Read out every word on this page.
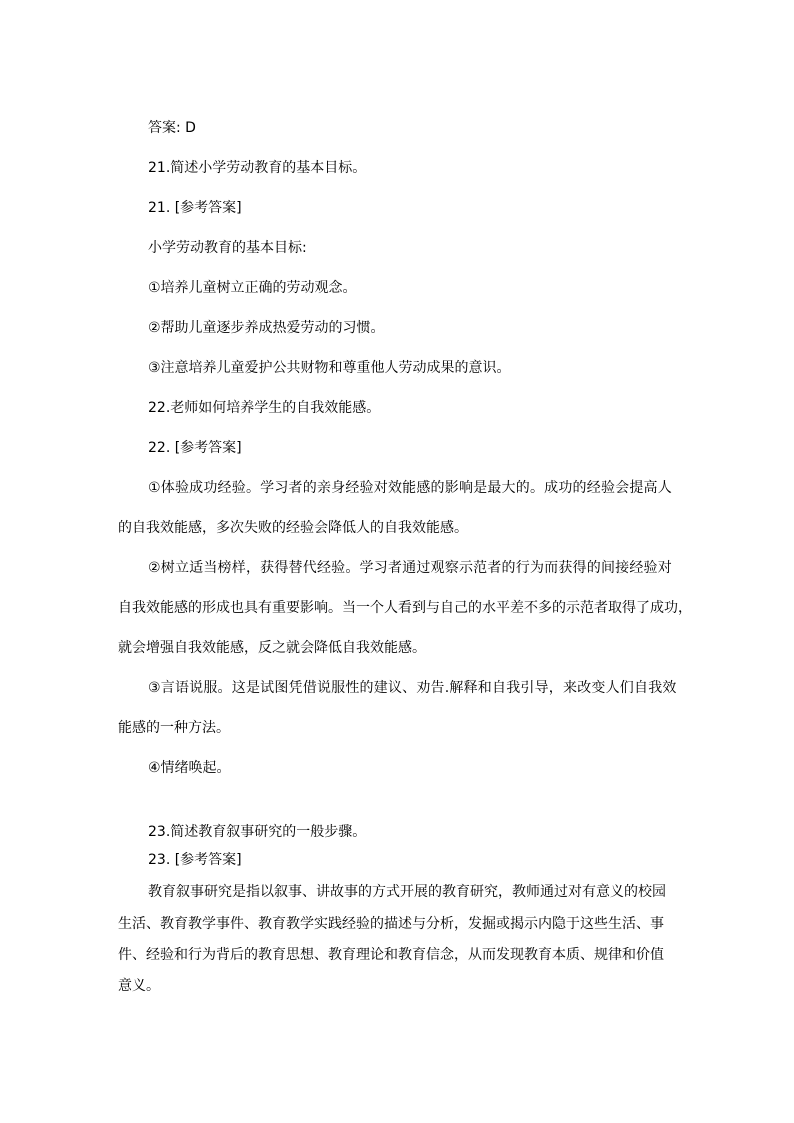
答案: D
21.简述小学劳动教育的基本目标。
21. [参考答案]
小学劳动教育的基本目标:
①培养儿童树立正确的劳动观念。
②帮助儿童逐步养成热爱劳动的习惯。
③注意培养儿童爱护公共财物和尊重他人劳动成果的意识。
22.老师如何培养学生的自我效能感。
22. [参考答案]
①体验成功经验。学习者的亲身经验对效能感的影响是最大的。成功的经验会提高人
的自我效能感，多次失败的经验会降低人的自我效能感。
②树立适当榜样，获得替代经验。学习者通过观察示范者的行为而获得的间接经验对
自我效能感的形成也具有重要影响。当一个人看到与自己的水平差不多的示范者取得了成功，
就会增强自我效能感，反之就会降低自我效能感。
③言语说服。这是试图凭借说服性的建议、劝告.解释和自我引导，来改变人们自我效
能感的一种方法。
④情绪唤起。
23.简述教育叙事研究的一般步骤。
23. [参考答案]
教育叙事研究是指以叙事、讲故事的方式开展的教育研究，教师通过对有意义的校园
生活、教育教学事件、教育教学实践经验的描述与分析，发掘或揭示内隐于这些生活、事
件、经验和行为背后的教育思想、教育理论和教育信念，从而发现教育本质、规律和价值
意义。
